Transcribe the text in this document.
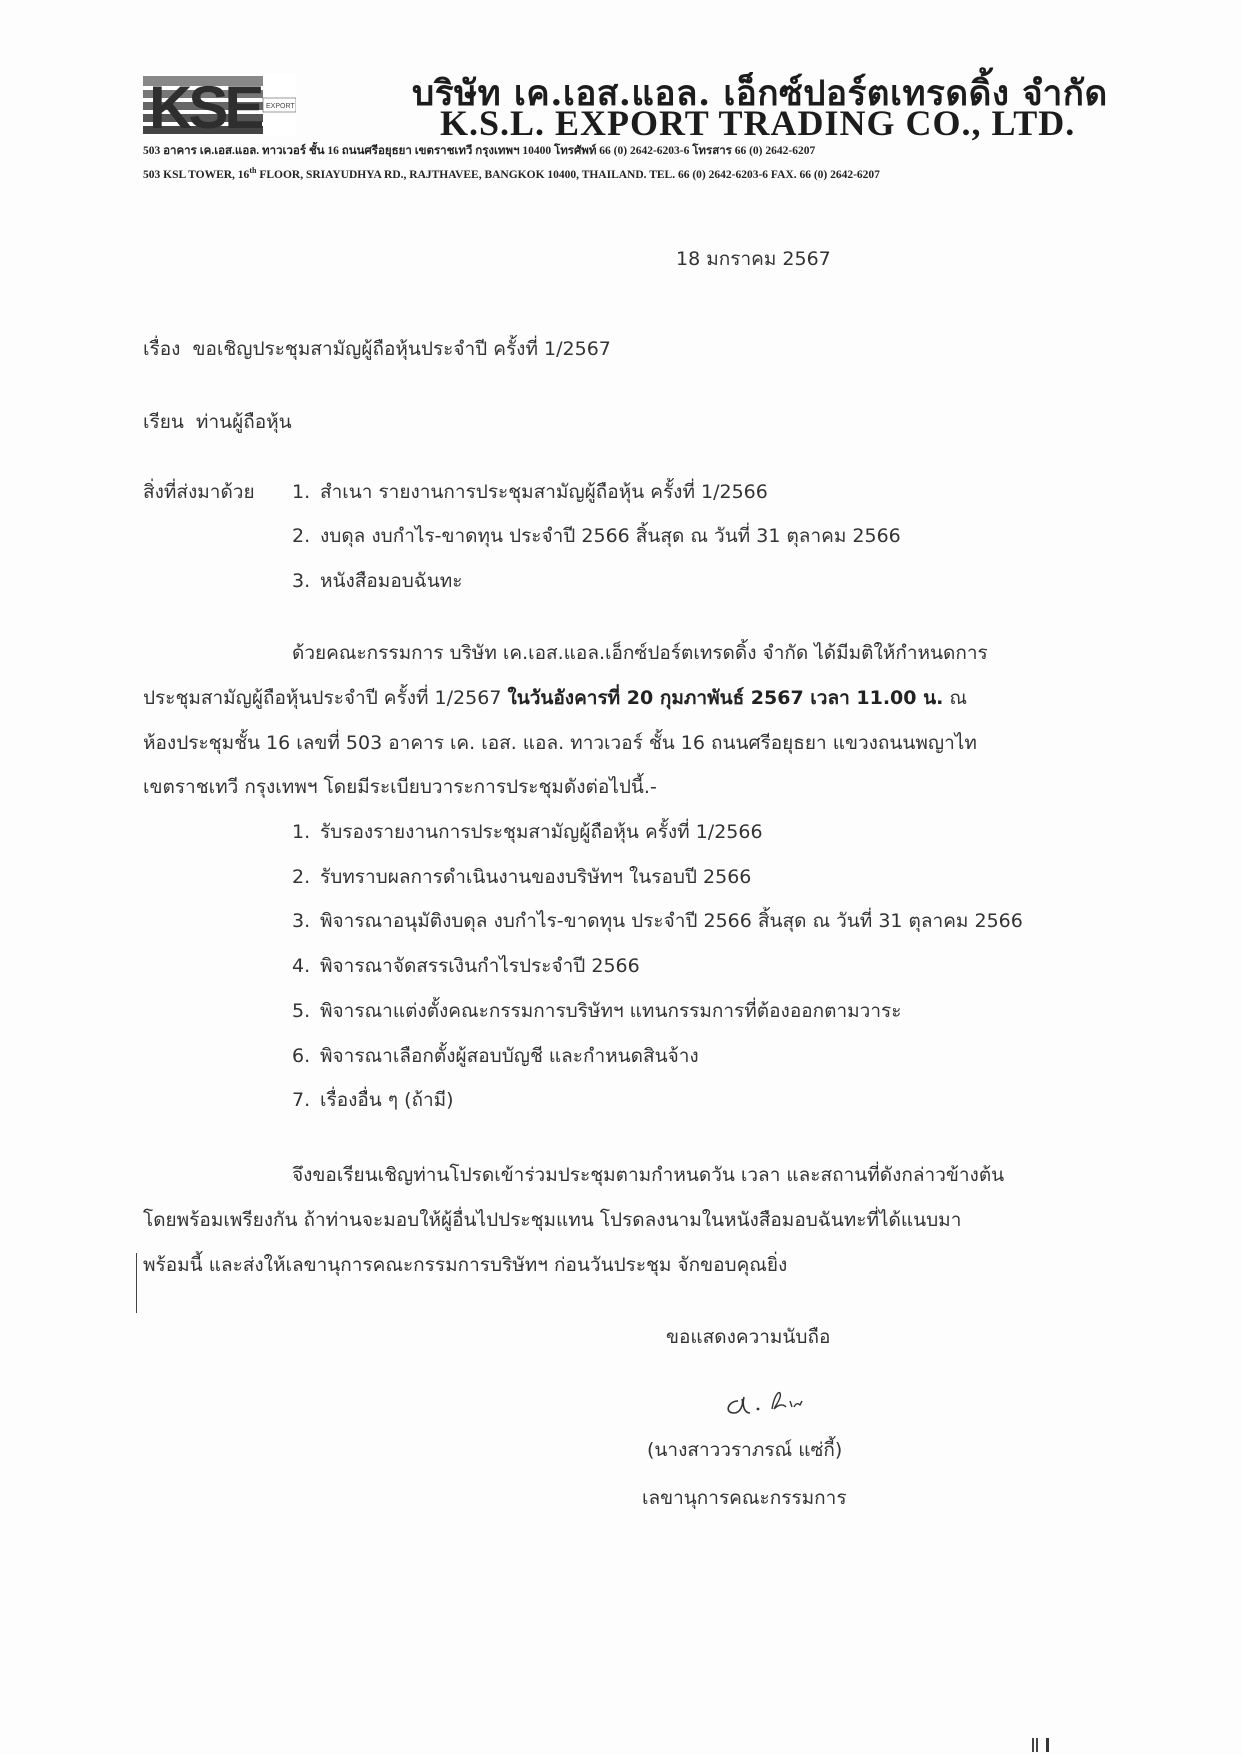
KSE EXPORT	บริษัท เค.เอส.แอล. เอ็กซ์ปอร์ตเทรดดิ้ง จำกัด
K.S.L. EXPORT TRADING CO., LTD.
503 อาคาร เค.เอส.แอล. ทาวเวอร์ ชั้น 16 ถนนศรีอยุธยา เขตราชเทวี กรุงเทพฯ 10400 โทรศัพท์ 66 (0) 2642-6203-6 โทรสาร 66 (0) 2642-6207
503 KSL TOWER, 16th FLOOR, SRIAYUDHYA RD., RAJTHAVEE, BANGKOK 10400, THAILAND. TEL. 66 (0) 2642-6203-6 FAX. 66 (0) 2642-6207
18 มกราคม 2567
เรื่อง ขอเชิญประชุมสามัญผู้ถือหุ้นประจำปี ครั้งที่ 1/2567
เรียน ท่านผู้ถือหุ้น
สิ่งที่ส่งมาด้วย 1. สำเนา รายงานการประชุมสามัญผู้ถือหุ้น ครั้งที่ 1/2566
2. งบดุล งบกำไร-ขาดทุน ประจำปี 2566 สิ้นสุด ณ วันที่ 31 ตุลาคม 2566
3. หนังสือมอบฉันทะ
ด้วยคณะกรรมการ บริษัท เค.เอส.แอล.เอ็กซ์ปอร์ตเทรดดิ้ง จำกัด ได้มีมติให้กำหนดการ
ประชุมสามัญผู้ถือหุ้นประจำปี ครั้งที่ 1/2567 ในวันอังคารที่ 20 กุมภาพันธ์ 2567 เวลา 11.00 น. ณ
ห้องประชุมชั้น 16 เลขที่ 503 อาคาร เค. เอส. แอล. ทาวเวอร์ ชั้น 16 ถนนศรีอยุธยา แขวงถนนพญาไท
เขตราชเทวี กรุงเทพฯ โดยมีระเบียบวาระการประชุมดังต่อไปนี้.-
1. รับรองรายงานการประชุมสามัญผู้ถือหุ้น ครั้งที่ 1/2566
2. รับทราบผลการดำเนินงานของบริษัทฯ ในรอบปี 2566
3. พิจารณาอนุมัติงบดุล งบกำไร-ขาดทุน ประจำปี 2566 สิ้นสุด ณ วันที่ 31 ตุลาคม 2566
4. พิจารณาจัดสรรเงินกำไรประจำปี 2566
5. พิจารณาแต่งตั้งคณะกรรมการบริษัทฯ แทนกรรมการที่ต้องออกตามวาระ
6. พิจารณาเลือกตั้งผู้สอบบัญชี และกำหนดสินจ้าง
7. เรื่องอื่น ๆ (ถ้ามี)
จึงขอเรียนเชิญท่านโปรดเข้าร่วมประชุมตามกำหนดวัน เวลา และสถานที่ดังกล่าวข้างต้น
โดยพร้อมเพรียงกัน ถ้าท่านจะมอบให้ผู้อื่นไปประชุมแทน โปรดลงนามในหนังสือมอบฉันทะที่ได้แนบมา
พร้อมนี้ และส่งให้เลขานุการคณะกรรมการบริษัทฯ ก่อนวันประชุม จักขอบคุณยิ่ง
ขอแสดงความนับถือ
(นางสาววราภรณ์ แซ่กี้)
เลขานุการคณะกรรมการ
